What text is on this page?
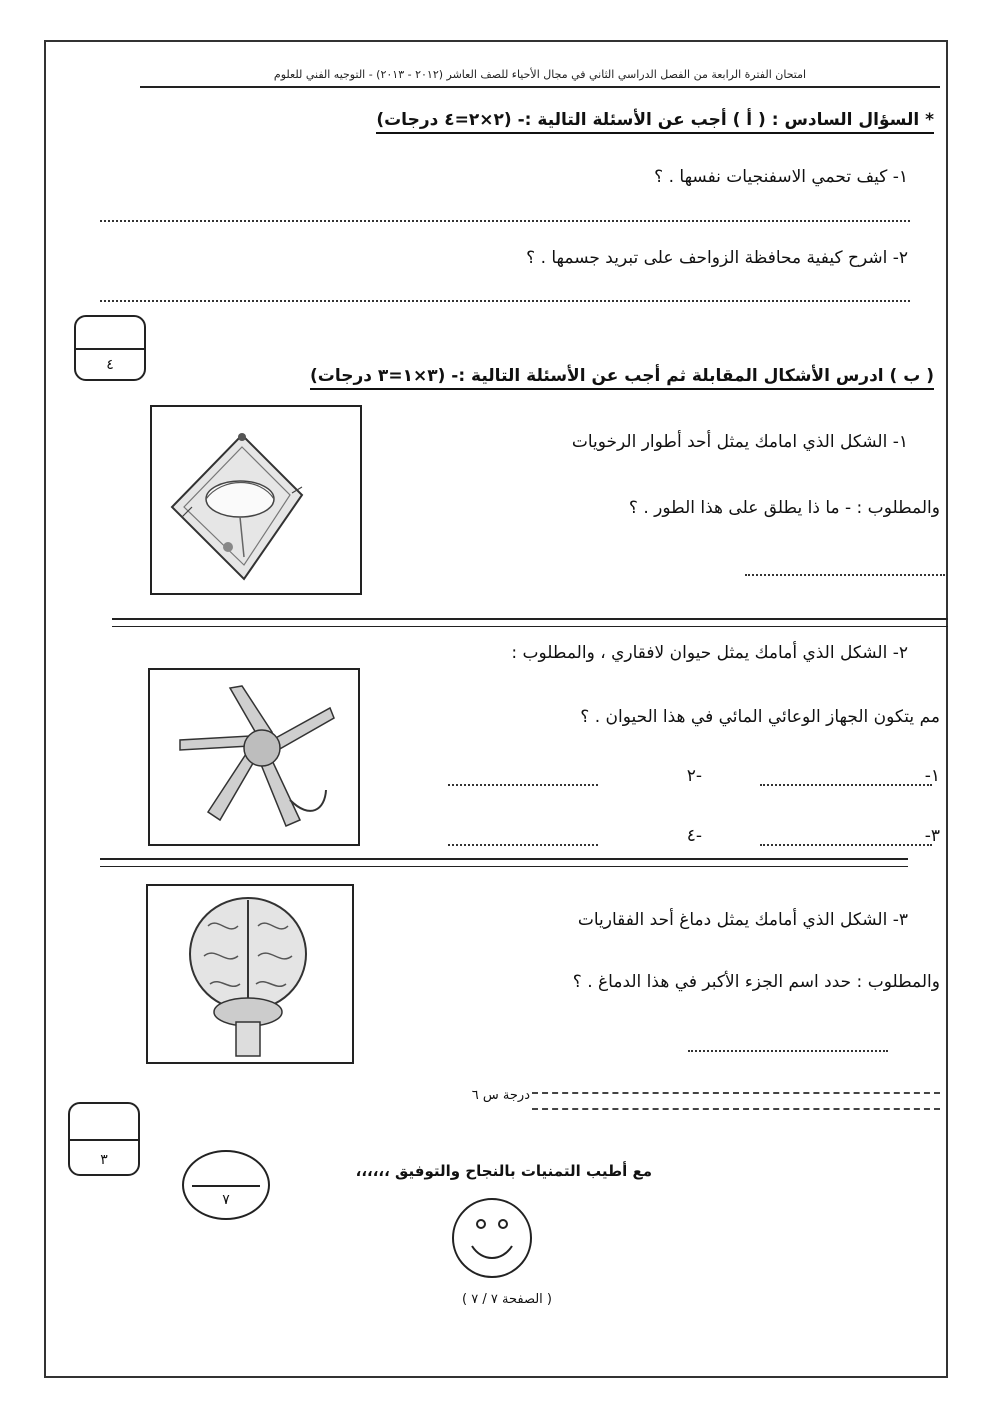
امتحان الفترة الرابعة من الفصل الدراسي الثاني في مجال الأحياء للصف العاشر (٢٠١٢ - ٢٠١٣) - التوجيه الفني للعلوم
* السؤال السادس : ( أ ) أجب عن الأسئلة التالية :- (٢×٢=٤ درجات)
١- كيف تحمي الاسفنجيات نفسها . ؟
٢- اشرح كيفية محافظة الزواحف على تبريد جسمها . ؟
٤
( ب ) ادرس الأشكال المقابلة ثم أجب عن الأسئلة التالية :- (٣×١=٣ درجات)
١- الشكل الذي امامك يمثل أحد أطوار الرخويات
والمطلوب : - ما ذا يطلق على هذا الطور . ؟
٢- الشكل الذي أمامك يمثل حيوان لافقاري ، والمطلوب :
مم يتكون الجهاز الوعائي المائي في هذا الحيوان . ؟
١-
-٢
٣-
-٤
٣- الشكل الذي أمامك يمثل دماغ أحد الفقاريات
والمطلوب : حدد اسم الجزء الأكبر في هذا الدماغ . ؟
درجة س ٦
٣
مع أطيب التمنيات بالنجاح والتوفيق ،،،،،،
٧
( الصفحة ٧ / ٧ )
